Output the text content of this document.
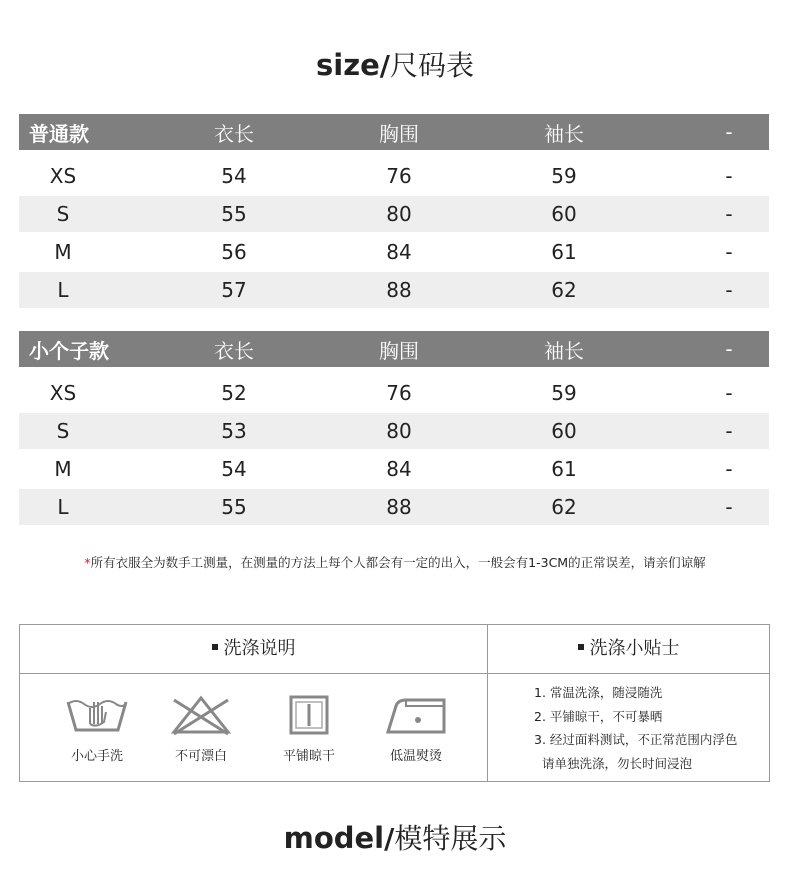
size/尺码表
普通款	衣长	胸围	袖长	-
XS	54	76	59	-
S	55	80	60	-
M	56	84	61	-
L	57	88	62	-
小个子款	衣长	胸围	袖长	-
XS	52	76	59	-
S	53	80	60	-
M	54	84	61	-
L	55	88	62	-
*所有衣服全为数手工测量，在测量的方法上每个人都会有一定的出入，一般会有1-3CM的正常误差，请亲们谅解
洗涤说明	洗涤小贴士
小心手洗	不可漂白	平铺晾干	低温熨烫
1. 常温洗涤，随浸随洗
2. 平铺晾干，不可暴晒
3. 经过面料测试，不正常范围内浮色
请单独洗涤，勿长时间浸泡
model/模特展示
